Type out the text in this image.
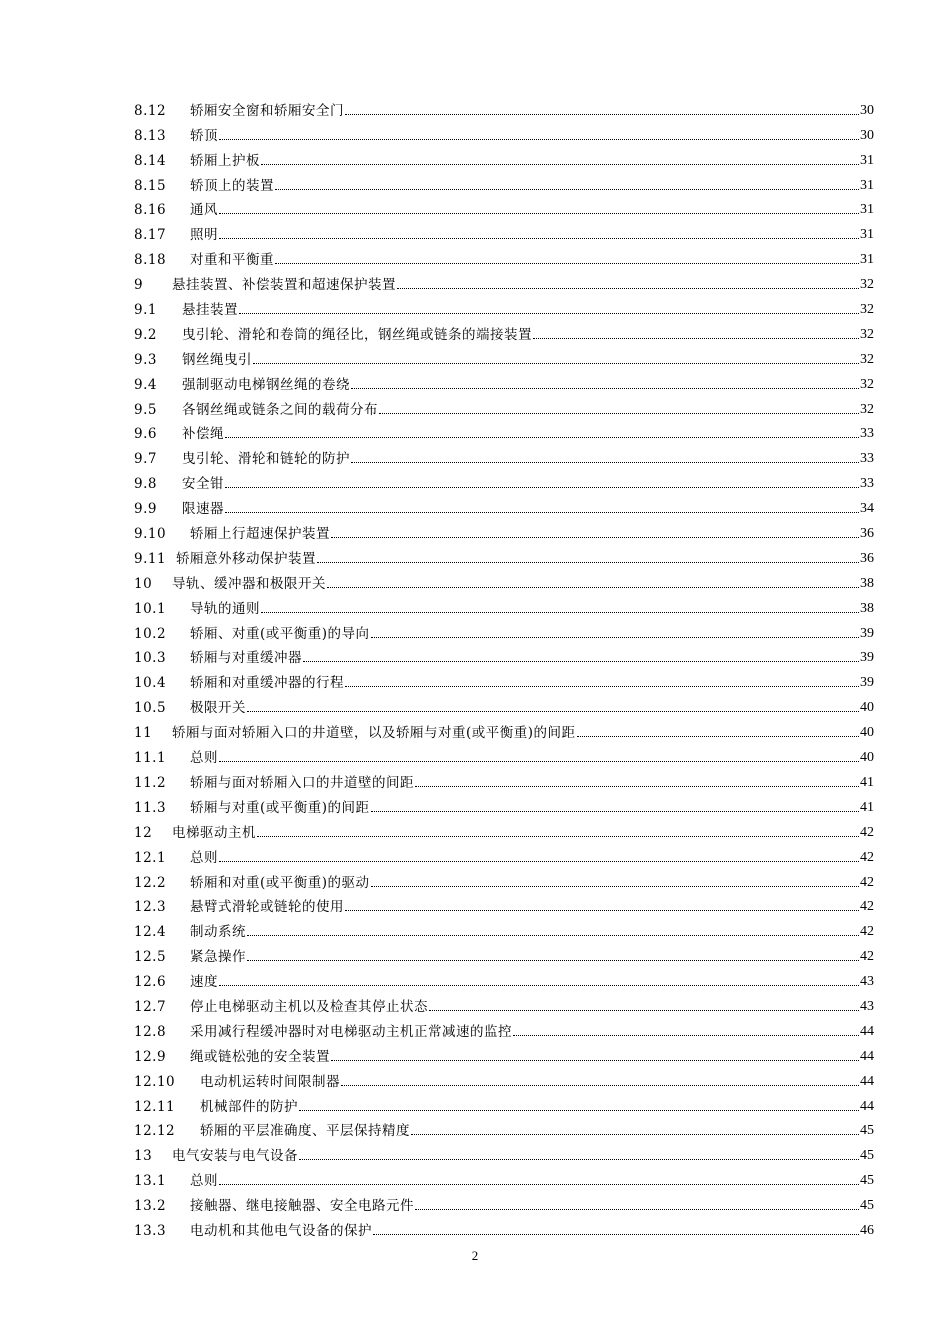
8.12	轿厢安全窗和轿厢安全门	30
8.13	轿顶	30
8.14	轿厢上护板	31
8.15	轿顶上的装置	31
8.16	通风	31
8.17	照明	31
8.18	对重和平衡重	31
9	悬挂装置、补偿装置和超速保护装置	32
9.1	悬挂装置	32
9.2	曳引轮、滑轮和卷筒的绳径比，钢丝绳或链条的端接装置	32
9.3	钢丝绳曳引	32
9.4	强制驱动电梯钢丝绳的卷绕	32
9.5	各钢丝绳或链条之间的载荷分布	32
9.6	补偿绳	33
9.7	曳引轮、滑轮和链轮的防护	33
9.8	安全钳	33
9.9	限速器	34
9.10	轿厢上行超速保护装置	36
9.11 轿厢意外移动保护装置	36
10	导轨、缓冲器和极限开关	38
10.1	导轨的通则	38
10.2	轿厢、对重(或平衡重)的导向	39
10.3	轿厢与对重缓冲器	39
10.4	轿厢和对重缓冲器的行程	39
10.5	极限开关	40
11	轿厢与面对轿厢入口的井道壁，以及轿厢与对重(或平衡重)的间距	40
11.1	总则	40
11.2	轿厢与面对轿厢入口的井道壁的间距	41
11.3	轿厢与对重(或平衡重)的间距	41
12	电梯驱动主机	42
12.1	总则	42
12.2	轿厢和对重(或平衡重)的驱动	42
12.3	悬臂式滑轮或链轮的使用	42
12.4	制动系统	42
12.5	紧急操作	42
12.6	速度	43
12.7	停止电梯驱动主机以及检查其停止状态	43
12.8	采用减行程缓冲器时对电梯驱动主机正常减速的监控	44
12.9	绳或链松弛的安全装置	44
12.10	电动机运转时间限制器	44
12.11	机械部件的防护	44
12.12	轿厢的平层准确度、平层保持精度	45
13	电气安装与电气设备	45
13.1	总则	45
13.2	接触器、继电接触器、安全电路元件	45
13.3	电动机和其他电气设备的保护	46
2
